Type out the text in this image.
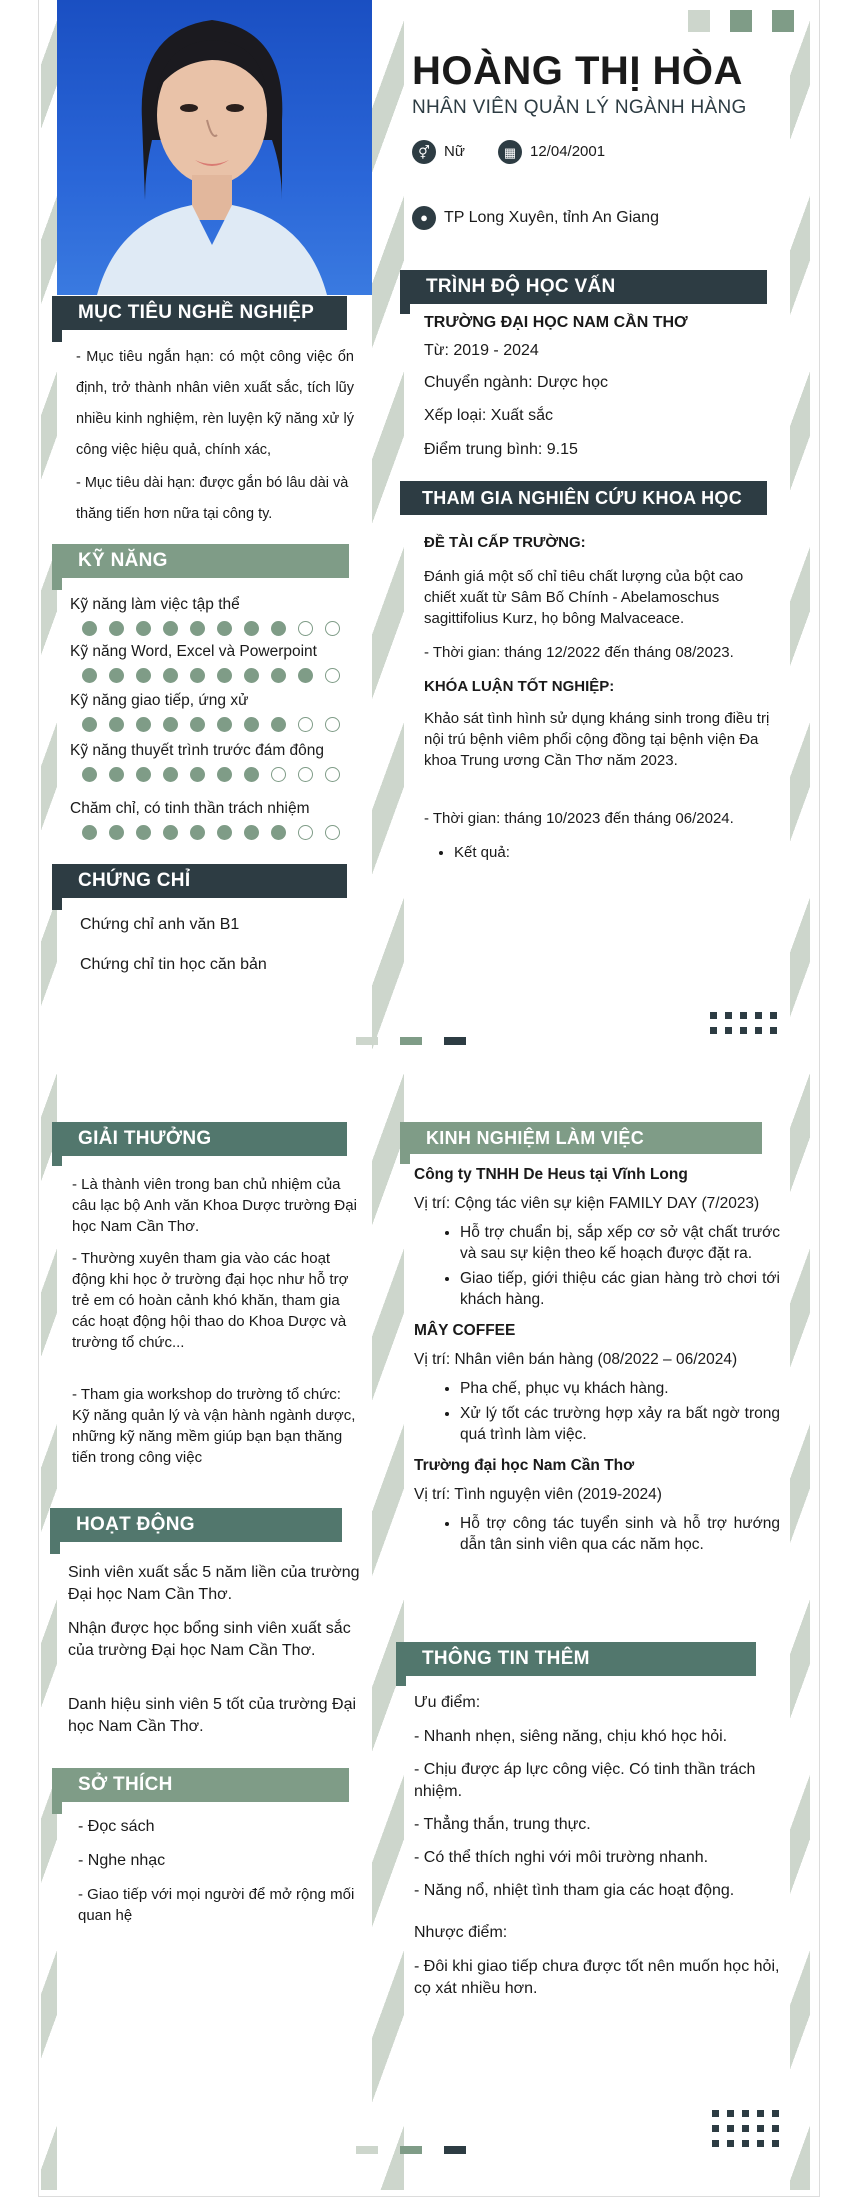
HOÀNG THỊ HÒA
NHÂN VIÊN QUẢN LÝ NGÀNH HÀNG
⚥ Nữ	▦ 12/04/2001
● TP Long Xuyên, tỉnh An Giang
MỤC TIÊU NGHỀ NGHIỆP
- Mục tiêu ngắn hạn: có một công việc ổn định, trở thành nhân viên xuất sắc, tích lũy nhiều kinh nghiệm, rèn luyện kỹ năng xử lý công việc hiệu quả, chính xác,
- Mục tiêu dài hạn: được gắn bó lâu dài và thăng tiến hơn nữa tại công ty.
KỸ NĂNG
Kỹ năng làm việc tập thể
Kỹ năng Word, Excel và Powerpoint
Kỹ năng giao tiếp, ứng xử
Kỹ năng thuyết trình trước đám đông
Chăm chỉ, có tinh thần trách nhiệm
CHỨNG CHỈ
Chứng chỉ anh văn B1
Chứng chỉ tin học căn bản
TRÌNH ĐỘ HỌC VẤN
TRƯỜNG ĐẠI HỌC NAM CẦN THƠ
Từ: 2019 - 2024
Chuyển ngành: Dược học
Xếp loại: Xuất sắc
Điểm trung bình: 9.15
THAM GIA NGHIÊN CỨU KHOA HỌC
ĐỀ TÀI CẤP TRƯỜNG:
Đánh giá một số chỉ tiêu chất lượng của bột cao chiết xuất từ Sâm Bố Chính - Abelamoschus sagittifolius Kurz, họ bông Malvaceace.
- Thời gian: tháng 12/2022 đến tháng 08/2023.
KHÓA LUẬN TỐT NGHIỆP:
Khảo sát tình hình sử dụng kháng sinh trong điều trị nội trú bệnh viêm phổi cộng đồng tại bệnh viện Đa khoa Trung ương Cần Thơ năm 2023.
- Thời gian: tháng 10/2023 đến tháng 06/2024.
• Kết quả:
GIẢI THƯỞNG
- Là thành viên trong ban chủ nhiệm của câu lạc bộ Anh văn Khoa Dược trường Đại học Nam Cần Thơ.
- Thường xuyên tham gia vào các hoạt động khi học ở trường đại học như hỗ trợ trẻ em có hoàn cảnh khó khăn, tham gia các hoạt động hội thao do Khoa Dược và trường tổ chức...
- Tham gia workshop do trường tổ chức: Kỹ năng quản lý và vận hành ngành dược, những kỹ năng mềm giúp bạn bạn thăng tiến trong công việc
HOẠT ĐỘNG
Sinh viên xuất sắc 5 năm liền của trường Đại học Nam Cần Thơ.
Nhận được học bổng sinh viên xuất sắc của trường Đại học Nam Cần Thơ.
Danh hiệu sinh viên 5 tốt của trường Đại học Nam Cần Thơ.
SỞ THÍCH
- Đọc sách
- Nghe nhạc
- Giao tiếp với mọi người để mở rộng mối quan hệ
KINH NGHIỆM LÀM VIỆC

Công ty TNHH De Heus tại Vĩnh Long

Vị trí: Cộng tác viên sự kiện FAMILY DAY (7/2023)

• Hỗ trợ chuẩn bị, sắp xếp cơ sở vật chất trước và sau sự kiện theo kế hoạch được đặt ra.
• Giao tiếp, giới thiệu các gian hàng trò chơi tới khách hàng.

MÂY COFFEE

Vị trí: Nhân viên bán hàng (08/2022 – 06/2024)

• Pha chế, phục vụ khách hàng.
• Xử lý tốt các trường hợp xảy ra bất ngờ trong quá trình làm việc.

Trường đại học Nam Cần Thơ

Vị trí: Tình nguyện viên (2019-2024)

• Hỗ trợ công tác tuyển sinh và hỗ trợ hướng dẫn tân sinh viên qua các năm học.
THÔNG TIN THÊM
Ưu điểm:

- Nhanh nhẹn, siêng năng, chịu khó học hỏi.

- Chịu được áp lực công việc. Có tinh thần trách nhiệm.

- Thẳng thắn, trung thực.

- Có thể thích nghi với môi trường nhanh.

- Năng nổ, nhiệt tình tham gia các hoạt động.

Nhược điểm:
- Đôi khi giao tiếp chưa được tốt nên muốn học hỏi, cọ xát nhiều hơn.
